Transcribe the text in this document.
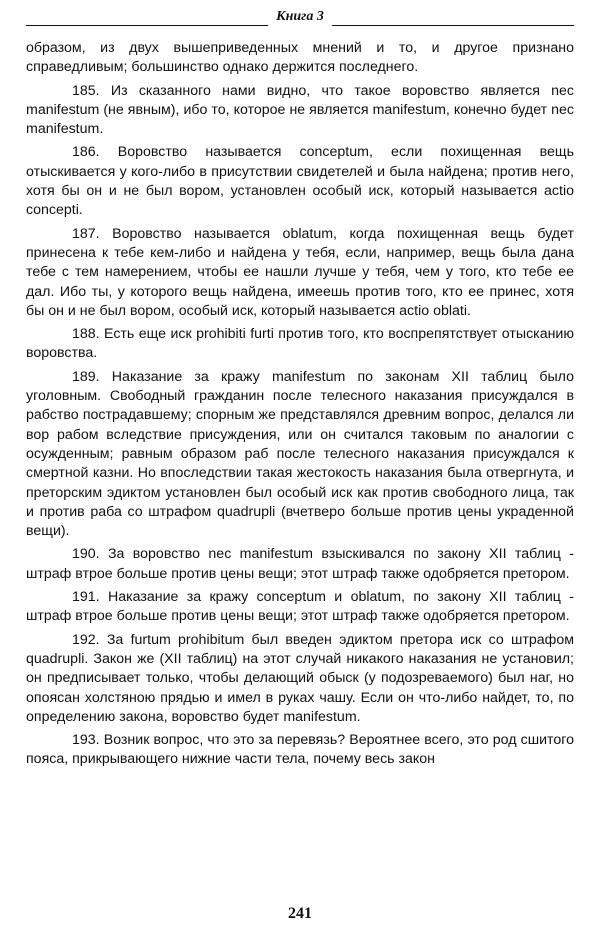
Книга 3

образом, из двух вышеприведенных мнений и то, и другое признано справедливым; большинство однако держится последнего.

185. Из сказанного нами видно, что такое воровство является nec manifestum (не явным), ибо то, которое не является manifestum, конечно будет nec manifestum.

186. Воровство называется conceptum, если похищенная вещь отыскивается у кого-либо в присутствии свидетелей и была найдена; против него, хотя бы он и не был вором, установлен особый иск, который называется actio concepti.

187. Воровство называется oblatum, когда похищенная вещь будет принесена к тебе кем-либо и найдена у тебя, если, например, вещь была дана тебе с тем намерением, чтобы ее нашли лучше у тебя, чем у того, кто тебе ее дал. Ибо ты, у которого вещь найдена, имеешь против того, кто ее принес, хотя бы он и не был вором, особый иск, который называется actio oblati.

188. Есть еще иск prohibiti furti против того, кто воспрепятствует отысканию воровства.

189. Наказание за кражу manifestum по законам XII таблиц было уголовным. Свободный гражданин после телесного наказания присуждался в рабство пострадавшему; спорным же представлялся древним вопрос, делался ли вор рабом вследствие присуждения, или он считался таковым по аналогии с осужденным; равным образом раб после телесного наказания присуждался к смертной казни. Но впоследствии такая жестокость наказания была отвергнута, и преторским эдиктом установлен был особый иск как против свободного лица, так и против раба со штрафом quadrupli (вчетверо больше против цены украденной вещи).

190. За воровство nec manifestum взыскивался по закону XII таблиц - штраф втрое больше против цены вещи; этот штраф также одобряется претором.

191. Наказание за кражу conceptum и oblatum, по закону XII таблиц - штраф втрое больше против цены вещи; этот штраф также одобряется претором.

192. За furtum prohibitum был введен эдиктом претора иск со штрафом quadrupli. Закон же (XII таблиц) на этот случай никакого наказания не установил; он предписывает только, чтобы делающий обыск (у подозреваемого) был наг, но опоясан холстяною прядью и имел в руках чашу. Если он что-либо найдет, то, по определению закона, воровство будет manifestum.

193. Возник вопрос, что это за перевязь? Вероятнее всего, это род сшитого пояса, прикрывающего нижние части тела, почему весь закон

241
